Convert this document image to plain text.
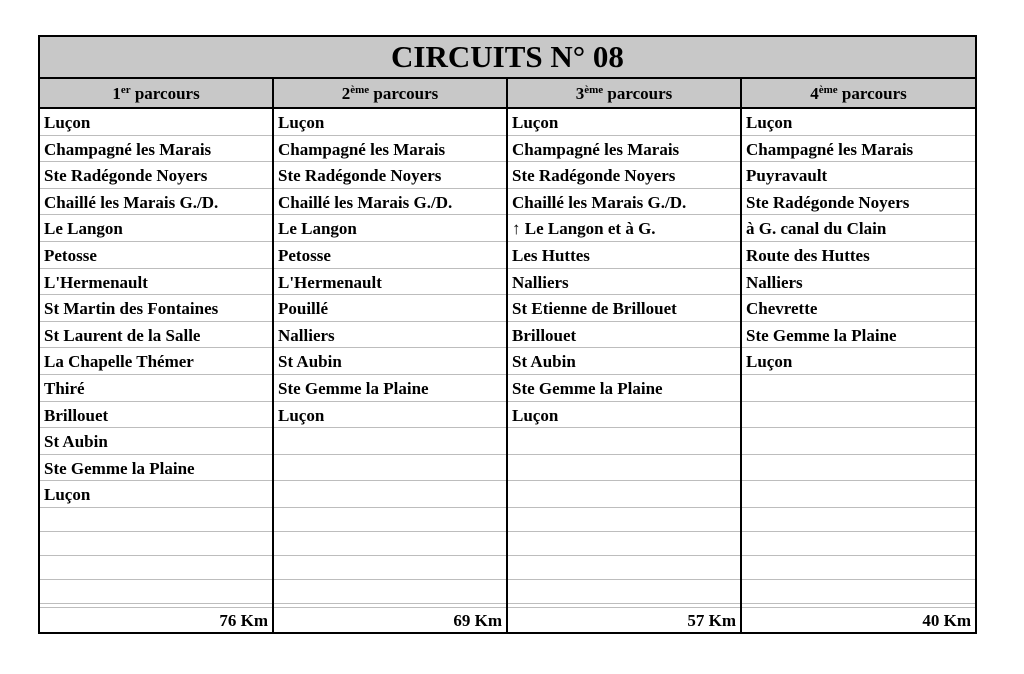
CIRCUITS N° 08
1er parcours
Luçon
Champagné les Marais
Ste Radégonde Noyers
Chaillé les Marais G./D.
Le Langon
Petosse
L'Hermenault
St Martin des Fontaines
St Laurent de la Salle
La Chapelle Thémer
Thiré
Brillouet
St Aubin
Ste Gemme la Plaine
Luçon
76 Km
2ème parcours
Luçon
Champagné les Marais
Ste Radégonde Noyers
Chaillé les Marais G./D.
Le Langon
Petosse
L'Hermenault
Pouillé
Nalliers
St Aubin
Ste Gemme la Plaine
Luçon
69 Km
3ème parcours
Luçon
Champagné les Marais
Ste Radégonde Noyers
Chaillé les Marais G./D.
↑ Le Langon et à G.
Les Huttes
Nalliers
St Etienne de Brillouet
Brillouet
St Aubin
Ste Gemme la Plaine
Luçon
57 Km
4ème parcours
Luçon
Champagné les Marais
Puyravault
Ste Radégonde Noyers
à G. canal du Clain
Route des Huttes
Nalliers
Chevrette
Ste Gemme la Plaine
Luçon
40 Km
